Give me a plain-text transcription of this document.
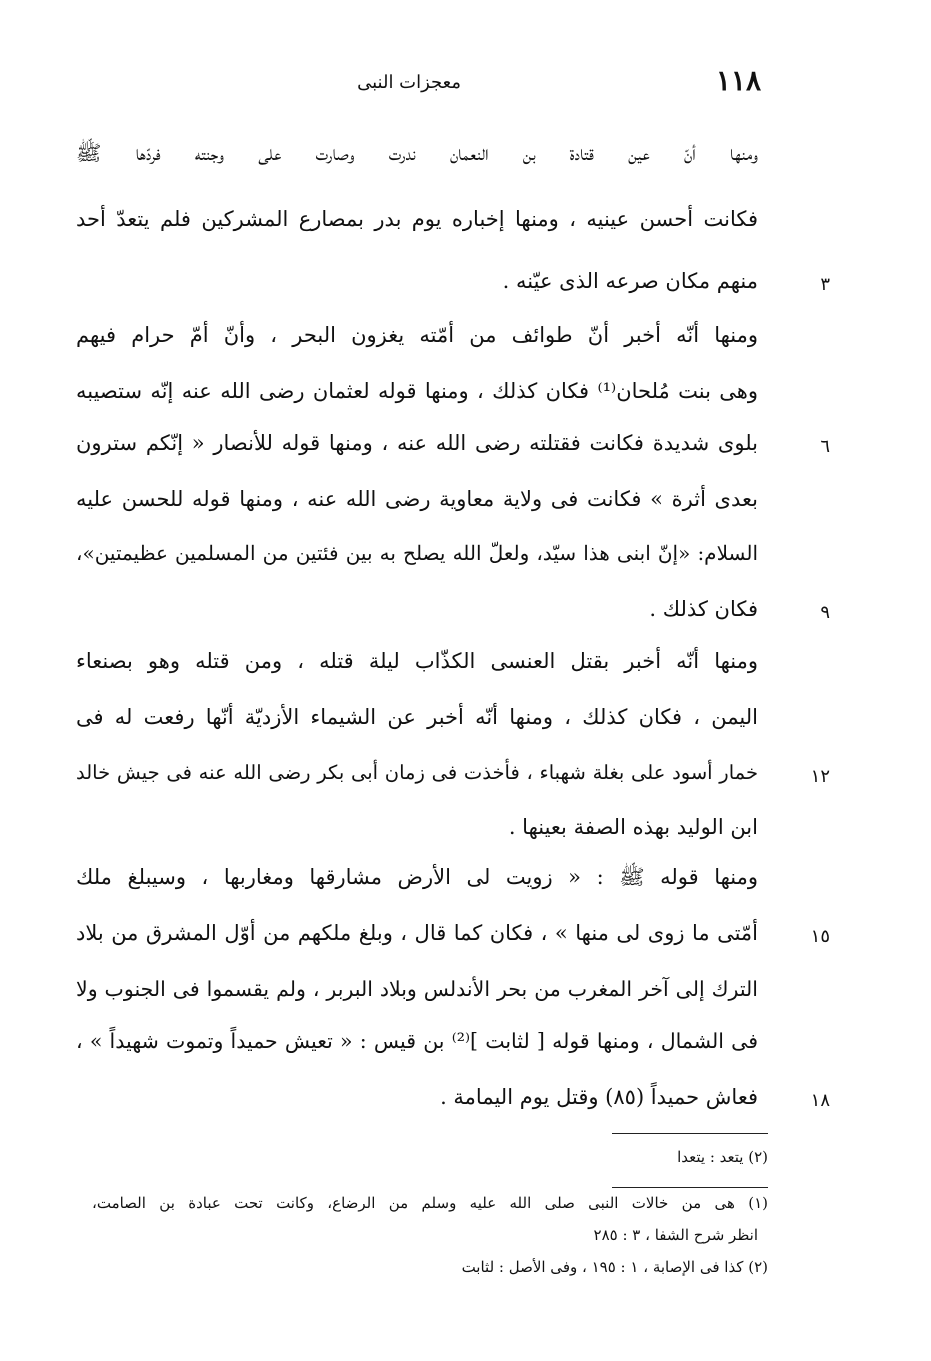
١١٨
معجزات النبى
ومنها أنّ عين قتادة بن النعمان ندرت وصارت على وجنته فردّها ﷺ
فكانت أحسن عينيه ، ومنها إخباره يوم بدر بمصارع المشركين فلم يتعدّ أحد
منهم مكان صرعه الذى عيّنه .
ومنها أنّه أخبر أنّ طوائف من أمّته يغزون البحر ، وأنّ أمّ حرام فيهم
وهى بنت مُلحان⁽¹⁾ فكان كذلك ، ومنها قوله لعثمان رضى الله عنه إنّه ستصيبه
بلوى شديدة فكانت فقتلته رضى الله عنه ، ومنها قوله للأنصار « إنّكم سترون
بعدى أثرة » فكانت فى ولاية معاوية رضى الله عنه ، ومنها قوله للحسن عليه
السلام: «إنّ ابنى هذا سيّد، ولعلّ الله يصلح به بين فئتين من المسلمين عظيمتين»،
فكان كذلك .
ومنها أنّه أخبر بقتل العنسى الكذّاب ليلة قتله ، ومن قتله وهو بصنعاء
اليمن ، فكان كذلك ، ومنها أنّه أخبر عن الشيماء الأزديّة أنّها رفعت له فى
خمار أسود على بغلة شهباء ، فأخذت فى زمان أبى بكر رضى الله عنه فى جيش خالد
ابن الوليد بهذه الصفة بعينها .
ومنها قوله ﷺ : « زويت لى الأرض مشارقها ومغاربها ، وسيبلغ ملك
أمّتى ما زوى لى منها » ، فكان كما قال ، وبلغ ملكهم من أوّل المشرق من بلاد
الترك إلى آخر المغرب من بحر الأندلس وبلاد البربر ، ولم يقسموا فى الجنوب ولا
فى الشمال ، ومنها قوله [ لثابت ]⁽²⁾ بن قيس : « تعيش حميداً وتموت شهيداً » ،
فعاش حميداً (٨٥) وقتل يوم اليمامة .
٣
٦
٩
١٢
١٥
١٨
(٢) يتعد : يتعدا
(١) هى من خالات النبى صلى الله عليه وسلم من الرضاع، وكانت تحت عبادة بن الصامت،
انظر شرح الشفا ، ٣ : ٢٨٥
(٢) كذا فى الإصابة ، ١ : ١٩٥ ، وفى الأصل : لثابت
